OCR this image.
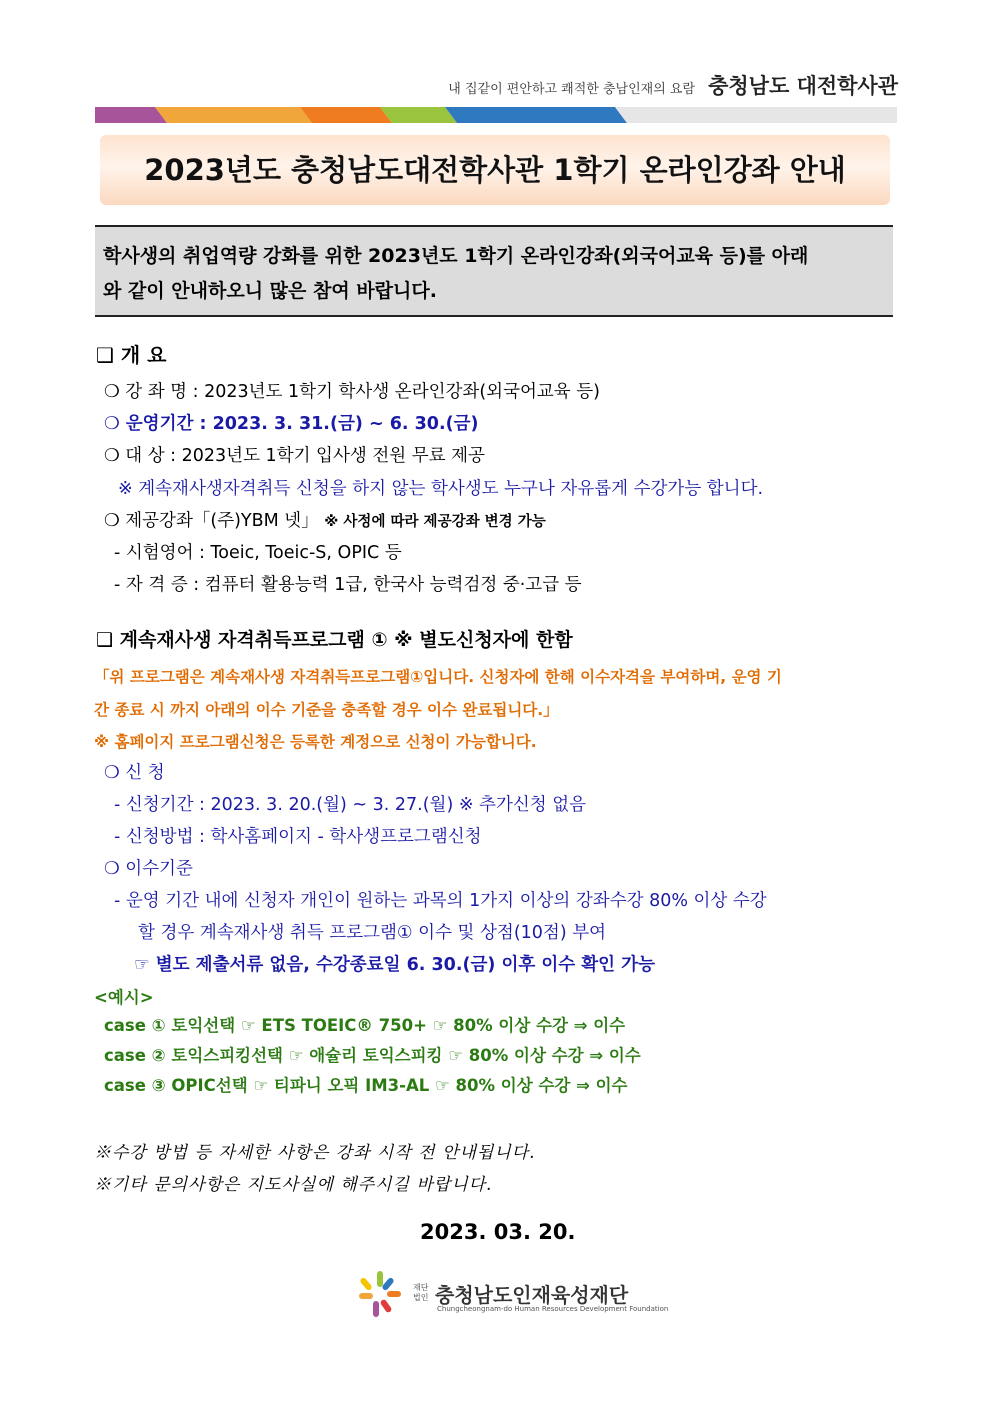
내 집같이 편안하고 쾌적한 충남인재의 요람 충청남도 대전학사관
2023년도 충청남도대전학사관 1학기 온라인강좌 안내
학사생의 취업역량 강화를 위한 2023년도 1학기 온라인강좌(외국어교육 등)를 아래
와 같이 안내하오니 많은 참여 바랍니다.
❑ 개 요
❍ 강 좌 명 : 2023년도 1학기 학사생 온라인강좌(외국어교육 등)
❍ 운영기간 : 2023. 3. 31.(금) ~ 6. 30.(금)
❍ 대 상 : 2023년도 1학기 입사생 전원 무료 제공
※ 계속재사생자격취득 신청을 하지 않는 학사생도 누구나 자유롭게 수강가능 합니다.
❍ 제공강좌「(주)YBM 넷」 ※ 사정에 따라 제공강좌 변경 가능
- 시험영어 : Toeic, Toeic-S, OPIC 등
- 자 격 증 : 컴퓨터 활용능력 1급, 한국사 능력검정 중·고급 등
❑ 계속재사생 자격취득프로그램 ① ※ 별도신청자에 한함
「위 프로그램은 계속재사생 자격취득프로그램①입니다. 신청자에 한해 이수자격을 부여하며, 운영 기
간 종료 시 까지 아래의 이수 기준을 충족할 경우 이수 완료됩니다.」
※ 홈페이지 프로그램신청은 등록한 계정으로 신청이 가능합니다.
❍ 신 청
- 신청기간 : 2023. 3. 20.(월) ~ 3. 27.(월) ※ 추가신청 없음
- 신청방법 : 학사홈페이지 - 학사생프로그램신청
❍ 이수기준
- 운영 기간 내에 신청자 개인이 원하는 과목의 1가지 이상의 강좌수강 80% 이상 수강
할 경우 계속재사생 취득 프로그램① 이수 및 상점(10점) 부여
☞ 별도 제출서류 없음, 수강종료일 6. 30.(금) 이후 이수 확인 가능
<예시>
case ① 토익선택 ☞ ETS TOEIC® 750+ ☞ 80% 이상 수강 ⇒ 이수
case ② 토익스피킹선택 ☞ 애슐리 토익스피킹 ☞ 80% 이상 수강 ⇒ 이수
case ③ OPIC선택 ☞ 티파니 오픽 IM3-AL ☞ 80% 이상 수강 ⇒ 이수
※수강 방법 등 자세한 사항은 강좌 시작 전 안내됩니다.
※기타 문의사항은 지도사실에 해주시길 바랍니다.
2023. 03. 20.
재단
법인 충청남도인재육성재단
Chungcheongnam-do Human Resources Development Foundation
